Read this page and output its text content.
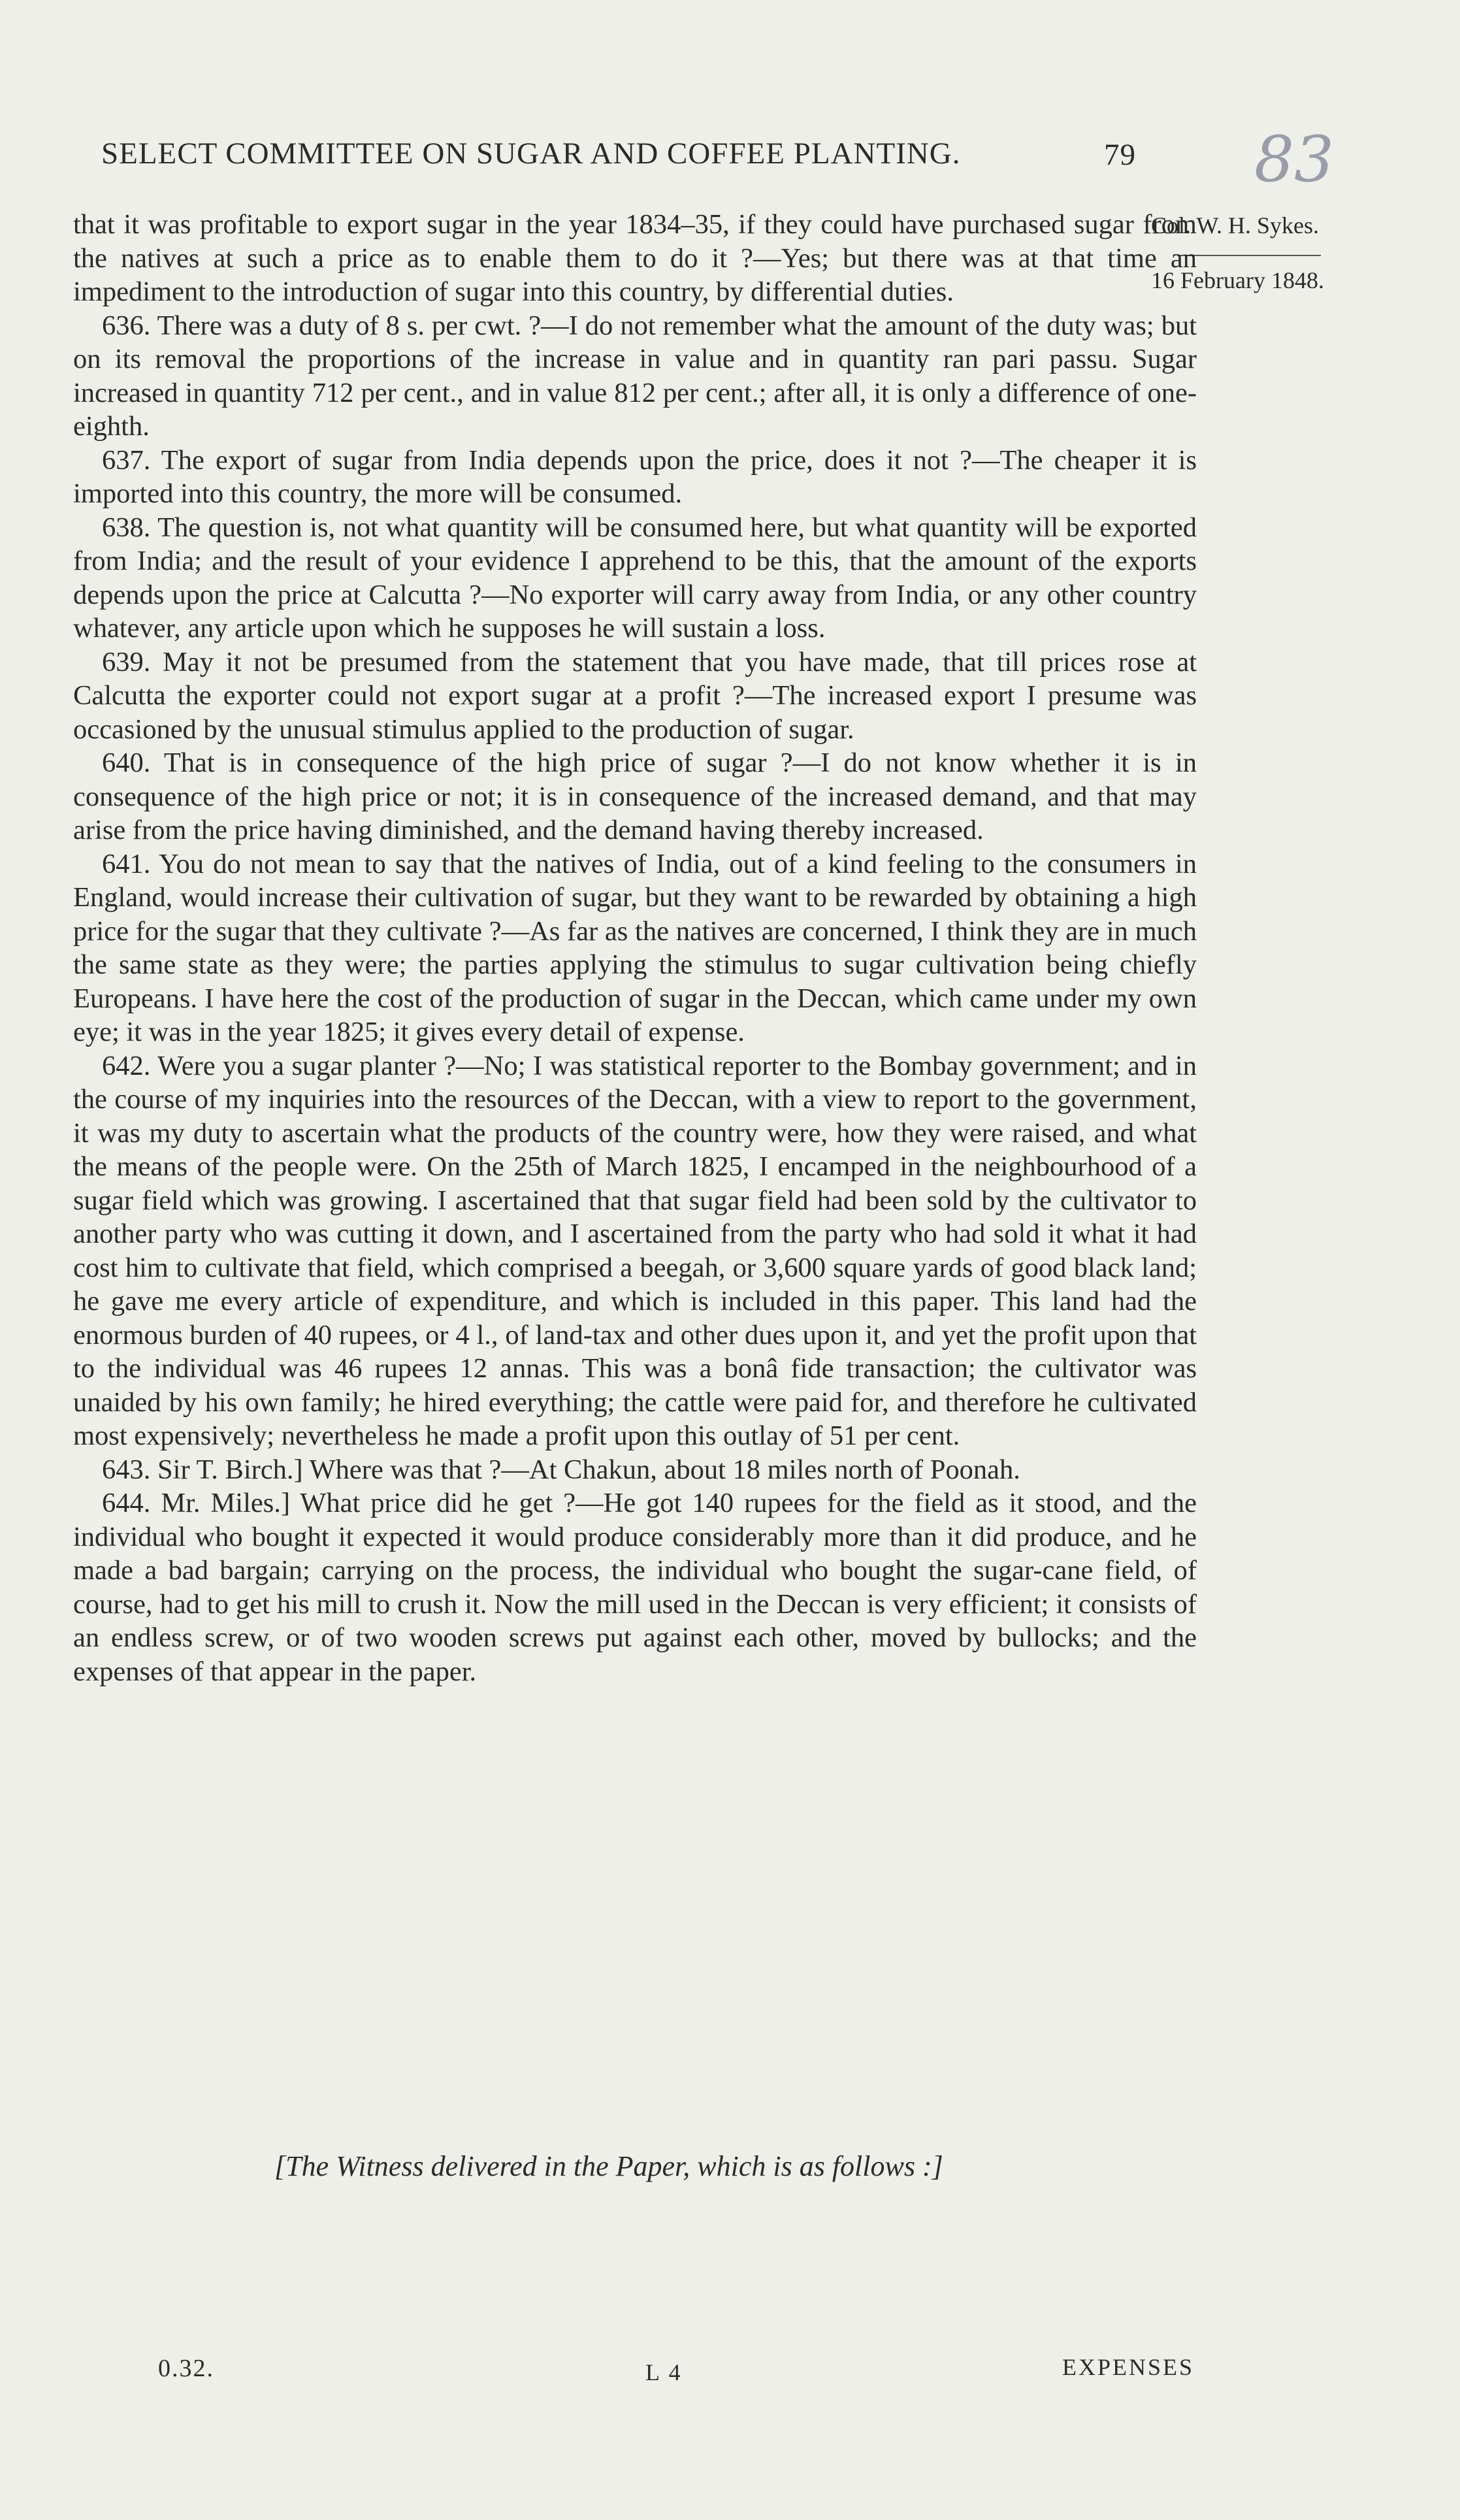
SELECT COMMITTEE ON SUGAR AND COFFEE PLANTING.	79 83
Col. W. H. Sykes.
16 February 1848.

that it was profitable to export sugar in the year 1834–35, if they could have purchased sugar from the natives at such a price as to enable them to do it ?—Yes; but there was at that time an impediment to the introduction of sugar into this country, by differential duties.

636. There was a duty of 8 s. per cwt. ?—I do not remember what the amount of the duty was; but on its removal the proportions of the increase in value and in quantity ran pari passu. Sugar increased in quantity 712 per cent., and in value 812 per cent.; after all, it is only a difference of one-eighth.

637. The export of sugar from India depends upon the price, does it not ?—The cheaper it is imported into this country, the more will be consumed.

638. The question is, not what quantity will be consumed here, but what quantity will be exported from India; and the result of your evidence I apprehend to be this, that the amount of the exports depends upon the price at Calcutta ?—No exporter will carry away from India, or any other country whatever, any article upon which he supposes he will sustain a loss.

639. May it not be presumed from the statement that you have made, that till prices rose at Calcutta the exporter could not export sugar at a profit ?—The increased export I presume was occasioned by the unusual stimulus applied to the production of sugar.

640. That is in consequence of the high price of sugar ?—I do not know whether it is in consequence of the high price or not; it is in consequence of the increased demand, and that may arise from the price having diminished, and the demand having thereby increased.

641. You do not mean to say that the natives of India, out of a kind feeling to the consumers in England, would increase their cultivation of sugar, but they want to be rewarded by obtaining a high price for the sugar that they cultivate ?—As far as the natives are concerned, I think they are in much the same state as they were; the parties applying the stimulus to sugar cultivation being chiefly Europeans. I have here the cost of the production of sugar in the Deccan, which came under my own eye; it was in the year 1825; it gives every detail of expense.

642. Were you a sugar planter ?—No; I was statistical reporter to the Bombay government; and in the course of my inquiries into the resources of the Deccan, with a view to report to the government, it was my duty to ascertain what the products of the country were, how they were raised, and what the means of the people were. On the 25th of March 1825, I encamped in the neighbourhood of a sugar field which was growing. I ascertained that that sugar field had been sold by the cultivator to another party who was cutting it down, and I ascertained from the party who had sold it what it had cost him to cultivate that field, which comprised a beegah, or 3,600 square yards of good black land; he gave me every article of expenditure, and which is included in this paper. This land had the enormous burden of 40 rupees, or 4 l., of land-tax and other dues upon it, and yet the profit upon that to the individual was 46 rupees 12 annas. This was a bonâ fide transaction; the cultivator was unaided by his own family; he hired everything; the cattle were paid for, and therefore he cultivated most expensively; nevertheless he made a profit upon this outlay of 51 per cent.

643. Sir T. Birch.] Where was that ?—At Chakun, about 18 miles north of Poonah.

644. Mr. Miles.] What price did he get ?—He got 140 rupees for the field as it stood, and the individual who bought it expected it would produce considerably more than it did produce, and he made a bad bargain; carrying on the process, the individual who bought the sugar-cane field, of course, had to get his mill to crush it. Now the mill used in the Deccan is very efficient; it consists of an endless screw, or of two wooden screws put against each other, moved by bullocks; and the expenses of that appear in the paper.

[The Witness delivered in the Paper, which is as follows :]
0.32.	L 4	EXPENSES
